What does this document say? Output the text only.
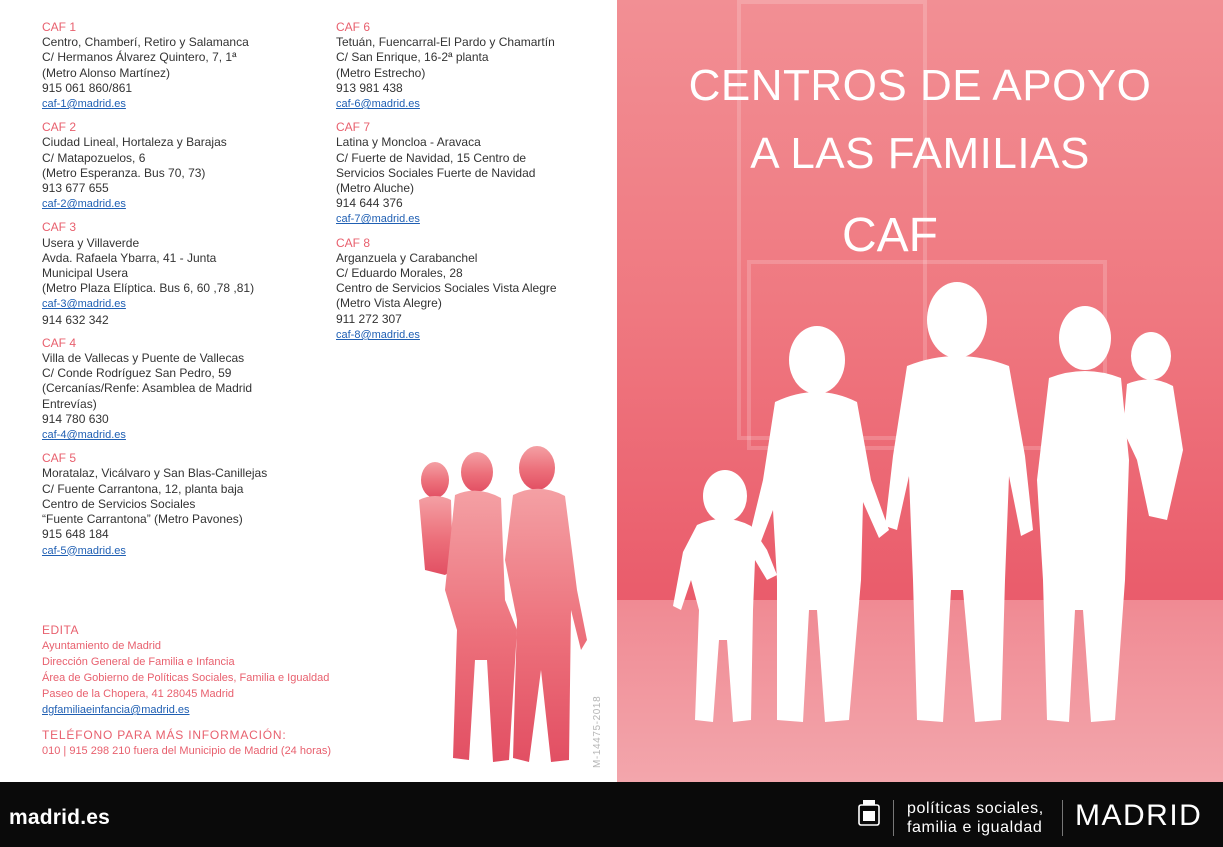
CAF 1
Centro, Chamberí, Retiro y Salamanca
C/ Hermanos Álvarez Quintero, 7, 1ª
(Metro Alonso Martínez)
915 061 860/861
caf-1@madrid.es
CAF 2
Ciudad Lineal, Hortaleza y Barajas
C/ Matapozuelos, 6
(Metro Esperanza. Bus 70, 73)
913 677 655
caf-2@madrid.es
CAF 3
Usera y Villaverde
Avda. Rafaela Ybarra, 41 - Junta
Municipal Usera
(Metro Plaza Elíptica. Bus 6, 60 ,78 ,81)
caf-3@madrid.es
914 632 342
CAF 4
Villa de Vallecas y Puente de Vallecas
C/ Conde Rodríguez San Pedro, 59
(Cercanías/Renfe: Asamblea de Madrid
Entrevías)
914 780 630
caf-4@madrid.es
CAF 5
Moratalaz, Vicálvaro y San Blas-Canillejas
C/ Fuente Carrantona, 12, planta baja
Centro de Servicios Sociales
“Fuente Carrantona” (Metro Pavones)
915 648 184
caf-5@madrid.es
CAF 6
Tetuán, Fuencarral-El Pardo y Chamartín
C/ San Enrique, 16-2ª planta
(Metro Estrecho)
913 981 438
caf-6@madrid.es
CAF 7
Latina y Moncloa - Aravaca
C/ Fuerte de Navidad, 15 Centro de
Servicios Sociales Fuerte de Navidad
(Metro Aluche)
914 644 376
caf-7@madrid.es
CAF 8
Arganzuela y Carabanchel
C/ Eduardo Morales, 28
Centro de Servicios Sociales Vista Alegre
(Metro Vista Alegre)
911 272 307
caf-8@madrid.es
EDITA
Ayuntamiento de Madrid
Dirección General de Familia e Infancia
Área de Gobierno de Políticas Sociales, Familia e Igualdad
Paseo de la Chopera, 41 28045 Madrid
dgfamiliaeinfancia@madrid.es
TELÉFONO PARA MÁS INFORMACIÓN:
010 | 915 298 210 fuera del Municipio de Madrid (24 horas)	M-14475-2018
CENTROS DE APOYO
A LAS FAMILIAS
CAF
madrid.es	políticas sociales,
familia e igualdad MADRID
